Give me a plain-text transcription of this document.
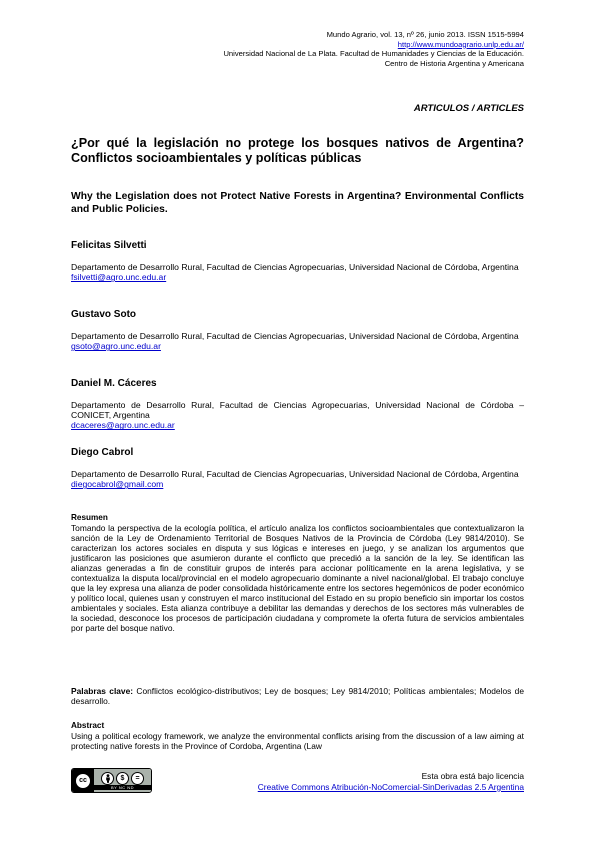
Mundo Agrario, vol. 13, nº 26, junio 2013. ISSN 1515-5994
http://www.mundoagrario.unlp.edu.ar/
Universidad Nacional de La Plata. Facultad de Humanidades y Ciencias de la Educación.
Centro de Historia Argentina y Americana
ARTICULOS / ARTICLES
¿Por qué la legislación no protege los bosques nativos de Argentina? Conflictos socioambientales y políticas públicas
Why the Legislation does not Protect Native Forests in Argentina? Environmental Conflicts and Public Policies.
Felicitas Silvetti
Departamento de Desarrollo Rural, Facultad de Ciencias Agropecuarias, Universidad Nacional de Córdoba, Argentina
fsilvetti@agro.unc.edu.ar
Gustavo Soto
Departamento de Desarrollo Rural, Facultad de Ciencias Agropecuarias, Universidad Nacional de Córdoba, Argentina
gsoto@agro.unc.edu.ar
Daniel M. Cáceres
Departamento de Desarrollo Rural, Facultad de Ciencias Agropecuarias, Universidad Nacional de Córdoba – CONICET, Argentina
dcaceres@agro.unc.edu.ar
Diego Cabrol
Departamento de Desarrollo Rural, Facultad de Ciencias Agropecuarias, Universidad Nacional de Córdoba, Argentina
diegocabrol@gmail.com
Resumen
Tomando la perspectiva de la ecología política, el artículo analiza los conflictos socioambientales que contextualizaron la sanción de la Ley de Ordenamiento Territorial de Bosques Nativos de la Provincia de Córdoba (Ley 9814/2010). Se caracterizan los actores sociales en disputa y sus lógicas e intereses en juego, y se analizan los argumentos que justificaron las posiciones que asumieron durante el conflicto que precedió a la sanción de la ley. Se identifican las alianzas generadas a fin de constituir grupos de interés para accionar políticamente en la arena legislativa, y se contextualiza la disputa local/provincial en el modelo agropecuario dominante a nivel nacional/global. El trabajo concluye que la ley expresa una alianza de poder consolidada históricamente entre los sectores hegemónicos de poder económico y político local, quienes usan y construyen el marco institucional del Estado en su propio beneficio sin importar los costos ambientales y sociales. Esta alianza contribuye a debilitar las demandas y derechos de los sectores más vulnerables de la sociedad, desconoce los procesos de participación ciudadana y compromete la oferta futura de servicios ambientales por parte del bosque nativo.
Palabras clave: Conflictos ecológico-distributivos; Ley de bosques; Ley 9814/2010; Políticas ambientales; Modelos de desarrollo.
Abstract
Using a political ecology framework, we analyze the environmental conflicts arising from the discussion of a law aiming at protecting native forests in the Province of Cordoba, Argentina (Law
cc	$	=
BY NC ND
Esta obra está bajo licencia
Creative Commons Atribución-NoComercial-SinDerivadas 2.5 Argentina
